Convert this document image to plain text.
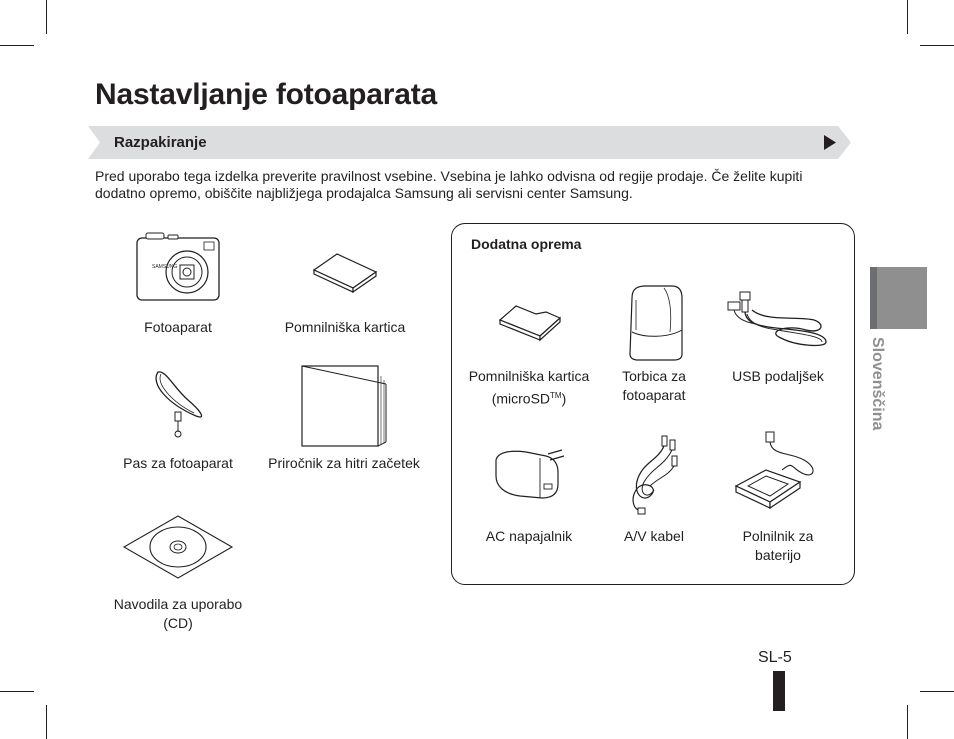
Nastavljanje fotoaparata
Razpakiranje
Pred uporabo tega izdelka preverite pravilnost vsebine. Vsebina je lahko odvisna od regije prodaje. Če želite kupiti dodatno opremo, obiščite najbližjega prodajalca Samsung ali servisni center Samsung.
SAMSUNG
Fotoaparat	Pomnilniška kartica
Pas za fotoaparat	Priročnik za hitri začetek
Navodila za uporabo
(CD)
Dodatna oprema
Pomnilniška kartica
(microSD™)
Torbica za
fotoaparat
USB podaljšek
AC napajalnik	A/V kabel	Polnilnik za
baterijo
Slovenščina
SL-5
